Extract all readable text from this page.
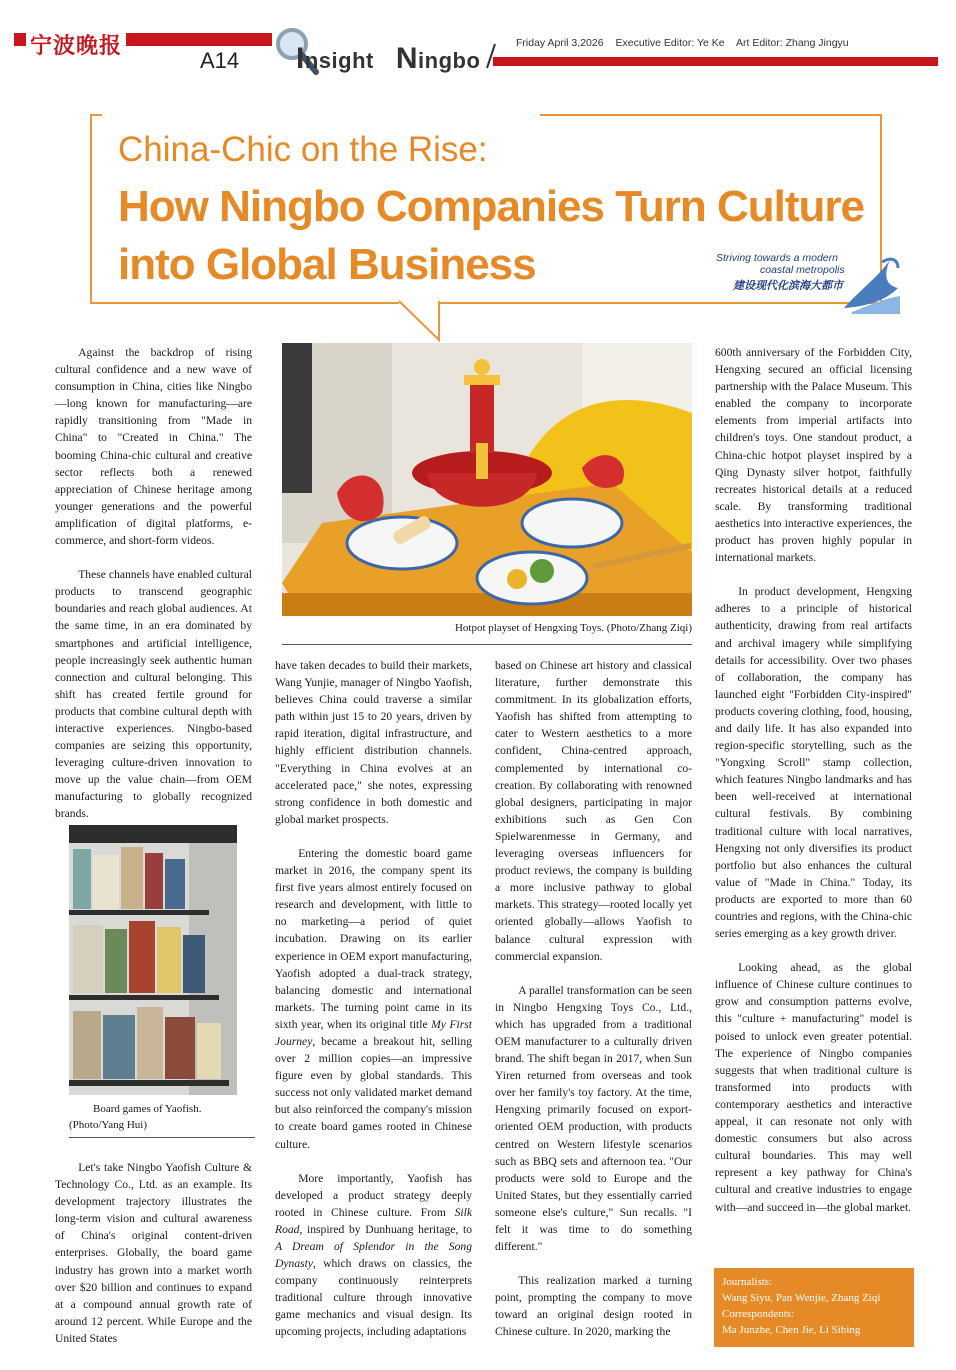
宁波晚报
A14 Insight Ningbo
Friday April 3,2026 Executive Editor: Ye Ke Art Editor: Zhang Jingyu
China-Chic on the Rise:
How Ningbo Companies Turn Culture into Global Business	Striving towards a modern
coastal metropolis
建设现代化滨海大都市
Hotpot playset of Hengxing Toys. (Photo/Zhang Ziqi)
Board games of Yaofish.
(Photo/Yang Hui)

Against the backdrop of rising cultural confidence and a new wave of consumption in China, cities like Ningbo—long known for manufacturing—are rapidly transitioning from "Made in China" to "Created in China." The booming China-chic cultural and creative sector reflects both a renewed appreciation of Chinese heritage among younger generations and the powerful amplification of digital platforms, e-commerce, and short-form videos.

These channels have enabled cultural products to transcend geographic boundaries and reach global audiences. At the same time, in an era dominated by smartphones and artificial intelligence, people increasingly seek authentic human connection and cultural belonging. This shift has created fertile ground for products that combine cultural depth with interactive experiences. Ningbo-based companies are seizing this opportunity, leveraging culture-driven innovation to move up the value chain—from OEM manufacturing to globally recognized brands.

Let's take Ningbo Yaofish Culture & Technology Co., Ltd. as an example. Its development trajectory illustrates the long-term vision and cultural awareness of China's original content-driven enterprises. Globally, the board game industry has grown into a market worth over $20 billion and continues to expand at a compound annual growth rate of around 12 percent. While Europe and the United States

have taken decades to build their markets, Wang Yunjie, manager of Ningbo Yaofish, believes China could traverse a similar path within just 15 to 20 years, driven by rapid iteration, digital infrastructure, and highly efficient distribution channels. "Everything in China evolves at an accelerated pace," she notes, expressing strong confidence in both domestic and global market prospects.

Entering the domestic board game market in 2016, the company spent its first five years almost entirely focused on research and development, with little to no marketing—a period of quiet incubation. Drawing on its earlier experience in OEM export manufacturing, Yaofish adopted a dual-track strategy, balancing domestic and international markets. The turning point came in its sixth year, when its original title My First Journey, became a breakout hit, selling over 2 million copies—an impressive figure even by global standards. This success not only validated market demand but also reinforced the company's mission to create board games rooted in Chinese culture.

More importantly, Yaofish has developed a product strategy deeply rooted in Chinese culture. From Silk Road, inspired by Dunhuang heritage, to A Dream of Splendor in the Song Dynasty, which draws on classics, the company continuously reinterprets traditional culture through innovative game mechanics and visual design. Its upcoming projects, including adaptations

based on Chinese art history and classical literature, further demonstrate this commitment. In its globalization efforts, Yaofish has shifted from attempting to cater to Western aesthetics to a more confident, China-centred approach, complemented by international co-creation. By collaborating with renowned global designers, participating in major exhibitions such as Gen Con Spielwarenmesse in Germany, and leveraging overseas influencers for product reviews, the company is building a more inclusive pathway to global markets. This strategy—rooted locally yet oriented globally—allows Yaofish to balance cultural expression with commercial expansion.

A parallel transformation can be seen in Ningbo Hengxing Toys Co., Ltd., which has upgraded from a traditional OEM manufacturer to a culturally driven brand. The shift began in 2017, when Sun Yiren returned from overseas and took over her family's toy factory. At the time, Hengxing primarily focused on export-oriented OEM production, with products centred on Western lifestyle scenarios such as BBQ sets and afternoon tea. "Our products were sold to Europe and the United States, but they essentially carried someone else's culture," Sun recalls. "I felt it was time to do something different."

This realization marked a turning point, prompting the company to move toward an original design rooted in Chinese culture. In 2020, marking the

600th anniversary of the Forbidden City, Hengxing secured an official licensing partnership with the Palace Museum. This enabled the company to incorporate elements from imperial artifacts into children's toys. One standout product, a China-chic hotpot playset inspired by a Qing Dynasty silver hotpot, faithfully recreates historical details at a reduced scale. By transforming traditional aesthetics into interactive experiences, the product has proven highly popular in international markets.

In product development, Hengxing adheres to a principle of historical authenticity, drawing from real artifacts and archival imagery while simplifying details for accessibility. Over two phases of collaboration, the company has launched eight "Forbidden City-inspired" products covering clothing, food, housing, and daily life. It has also expanded into region-specific storytelling, such as the "Yongxing Scroll" stamp collection, which features Ningbo landmarks and has been well-received at international cultural festivals. By combining traditional culture with local narratives, Hengxing not only diversifies its product portfolio but also enhances the cultural value of "Made in China." Today, its products are exported to more than 60 countries and regions, with the China-chic series emerging as a key growth driver.

Looking ahead, as the global influence of Chinese culture continues to grow and consumption patterns evolve, this "culture + manufacturing" model is poised to unlock even greater potential. The experience of Ningbo companies suggests that when traditional culture is transformed into products with contemporary aesthetics and interactive appeal, it can resonate not only with domestic consumers but also across cultural boundaries. This may well represent a key pathway for China's cultural and creative industries to engage with—and succeed in—the global market.

Journalists:
Wang Siyu, Pan Wenjie, Zhang Ziqi
Correspondents:
Ma Junzhe, Chen Jie, Li Sibing
